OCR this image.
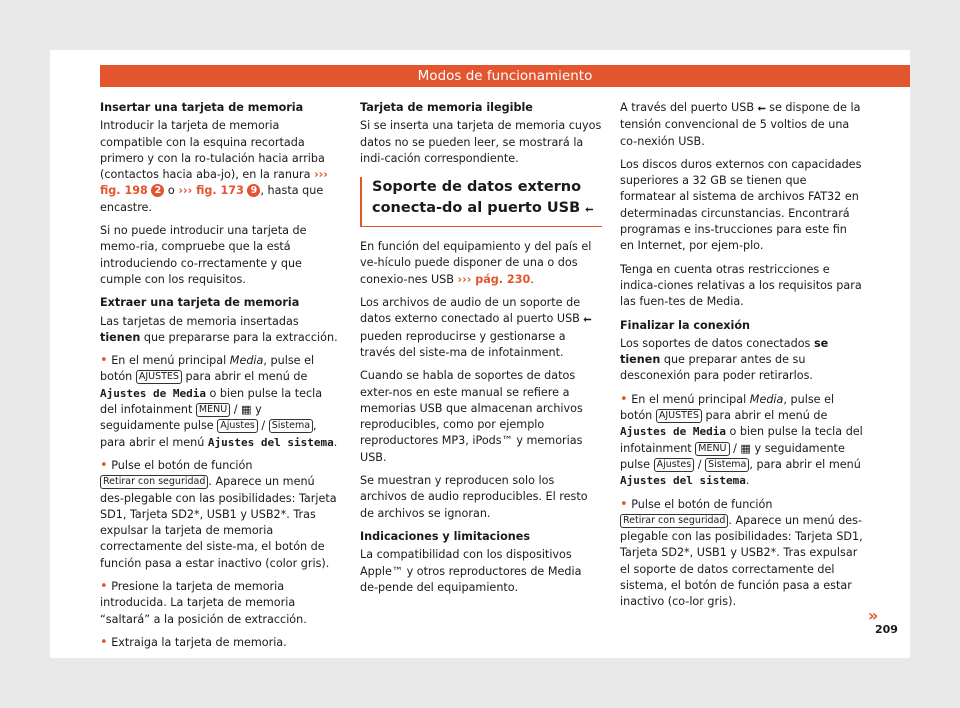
Modos de funcionamiento

Insertar una tarjeta de memoria

Introducir la tarjeta de memoria compatible con la esquina recortada primero y con la ro-tulación hacia arriba (contactos hacia aba-jo), en la ranura ››› fig. 198 2 o ››› fig. 173 9 , hasta que encastre.

Si no puede introducir una tarjeta de memo-ria, compruebe que la está introduciendo co-rrectamente y que cumple con los requisitos.

Extraer una tarjeta de memoria

Las tarjetas de memoria insertadas tienen que prepararse para la extracción.

• En el menú principal Media, pulse el botón AJUSTES para abrir el menú de Ajustes de Media o bien pulse la tecla del infotainment MENU / ▦ y seguidamente pulse Ajustes / Sistema , para abrir el menú Ajustes del sistema.

• Pulse el botón de función Retirar con seguridad . Aparece un menú des-plegable con las posibilidades: Tarjeta SD1, Tarjeta SD2*, USB1 y USB2*. Tras expulsar la tarjeta de memoria correctamente del siste-ma, el botón de función pasa a estar inactivo (color gris).

• Presione la tarjeta de memoria introducida. La tarjeta de memoria “saltará” a la posición de extracción.

• Extraiga la tarjeta de memoria.

Tarjeta de memoria ilegible

Si se inserta una tarjeta de memoria cuyos datos no se pueden leer, se mostrará la indi-cación correspondiente.

Soporte de datos externo conecta-do al puerto USB ⭠

En función del equipamiento y del país el ve-hículo puede disponer de una o dos conexio-nes USB ››› pág. 230.

Los archivos de audio de un soporte de datos externo conectado al puerto USB ⭠ pueden reproducirse y gestionarse a través del siste-ma de infotainment.

Cuando se habla de soportes de datos exter-nos en este manual se refiere a memorias USB que almacenan archivos reproducibles, como por ejemplo reproductores MP3, iPods™ y memorias USB.

Se muestran y reproducen solo los archivos de audio reproducibles. El resto de archivos se ignoran.

Indicaciones y limitaciones

La compatibilidad con los dispositivos Apple™ y otros reproductores de Media de-pende del equipamiento.

A través del puerto USB ⭠ se dispone de la tensión convencional de 5 voltios de una co-nexión USB.

Los discos duros externos con capacidades superiores a 32 GB se tienen que formatear al sistema de archivos FAT32 en determinadas circunstancias. Encontrará programas e ins-trucciones para este fin en Internet, por ejem-plo.

Tenga en cuenta otras restricciones e indica-ciones relativas a los requisitos para las fuen-tes de Media.

Finalizar la conexión

Los soportes de datos conectados se tienen que preparar antes de su desconexión para poder retirarlos.

• En el menú principal Media, pulse el botón AJUSTES para abrir el menú de Ajustes de Media o bien pulse la tecla del infotainment MENU / ▦ y seguidamente pulse Ajustes / Sistema , para abrir el menú Ajustes del sistema.

• Pulse el botón de función Retirar con seguridad . Aparece un menú des-plegable con las posibilidades: Tarjeta SD1, Tarjeta SD2*, USB1 y USB2*. Tras expulsar el soporte de datos correctamente del sistema, el botón de función pasa a estar inactivo (co-lor gris).

»
209
